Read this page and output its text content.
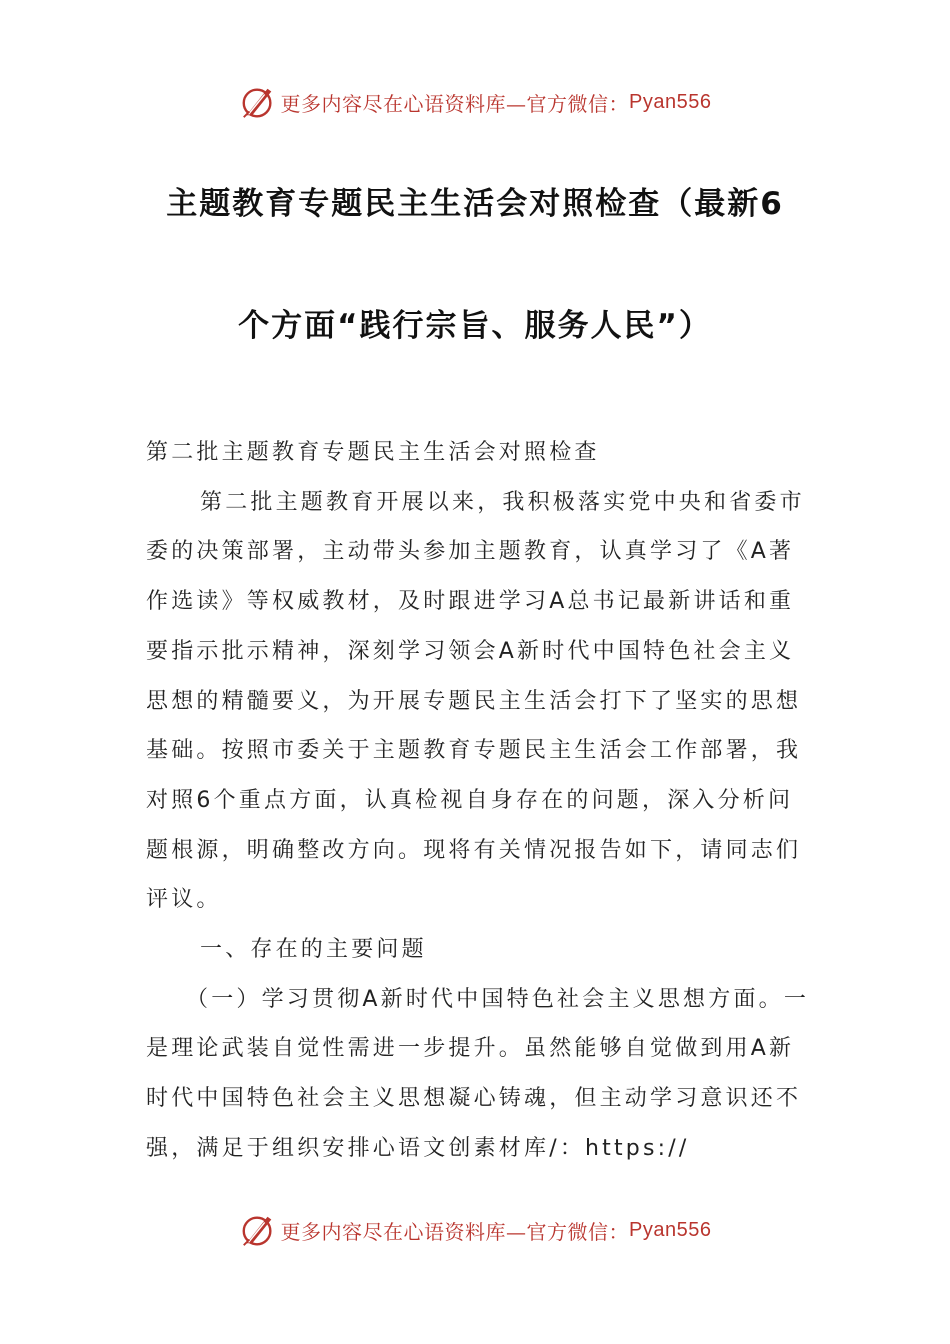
更多内容尽在心语资料库—官方微信： Pyan556
主题教育专题民主生活会对照检查（最新6
个方面“践行宗旨、服务人民”）

第二批主题教育专题民主生活会对照检查

第二批主题教育开展以来，我积极落实党中央和省委市委的决策部署，主动带头参加主题教育，认真学习了《A著作选读》等权威教材，及时跟进学习A总书记最新讲话和重要指示批示精神，深刻学习领会A新时代中国特色社会主义思想的精髓要义，为开展专题民主生活会打下了坚实的思想基础。按照市委关于主题教育专题民主生活会工作部署，我对照6个重点方面，认真检视自身存在的问题，深入分析问题根源，明确整改方向。现将有关情况报告如下，请同志们评议。

一、存在的主要问题

（一）学习贯彻A新时代中国特色社会主义思想方面。一是理论武装自觉性需进一步提升。虽然能够自觉做到用A新时代中国特色社会主义思想凝心铸魂，但主动学习意识还不强，满足于组织安排心语文创素材库/：https://

更多内容尽在心语资料库—官方微信： Pyan556
